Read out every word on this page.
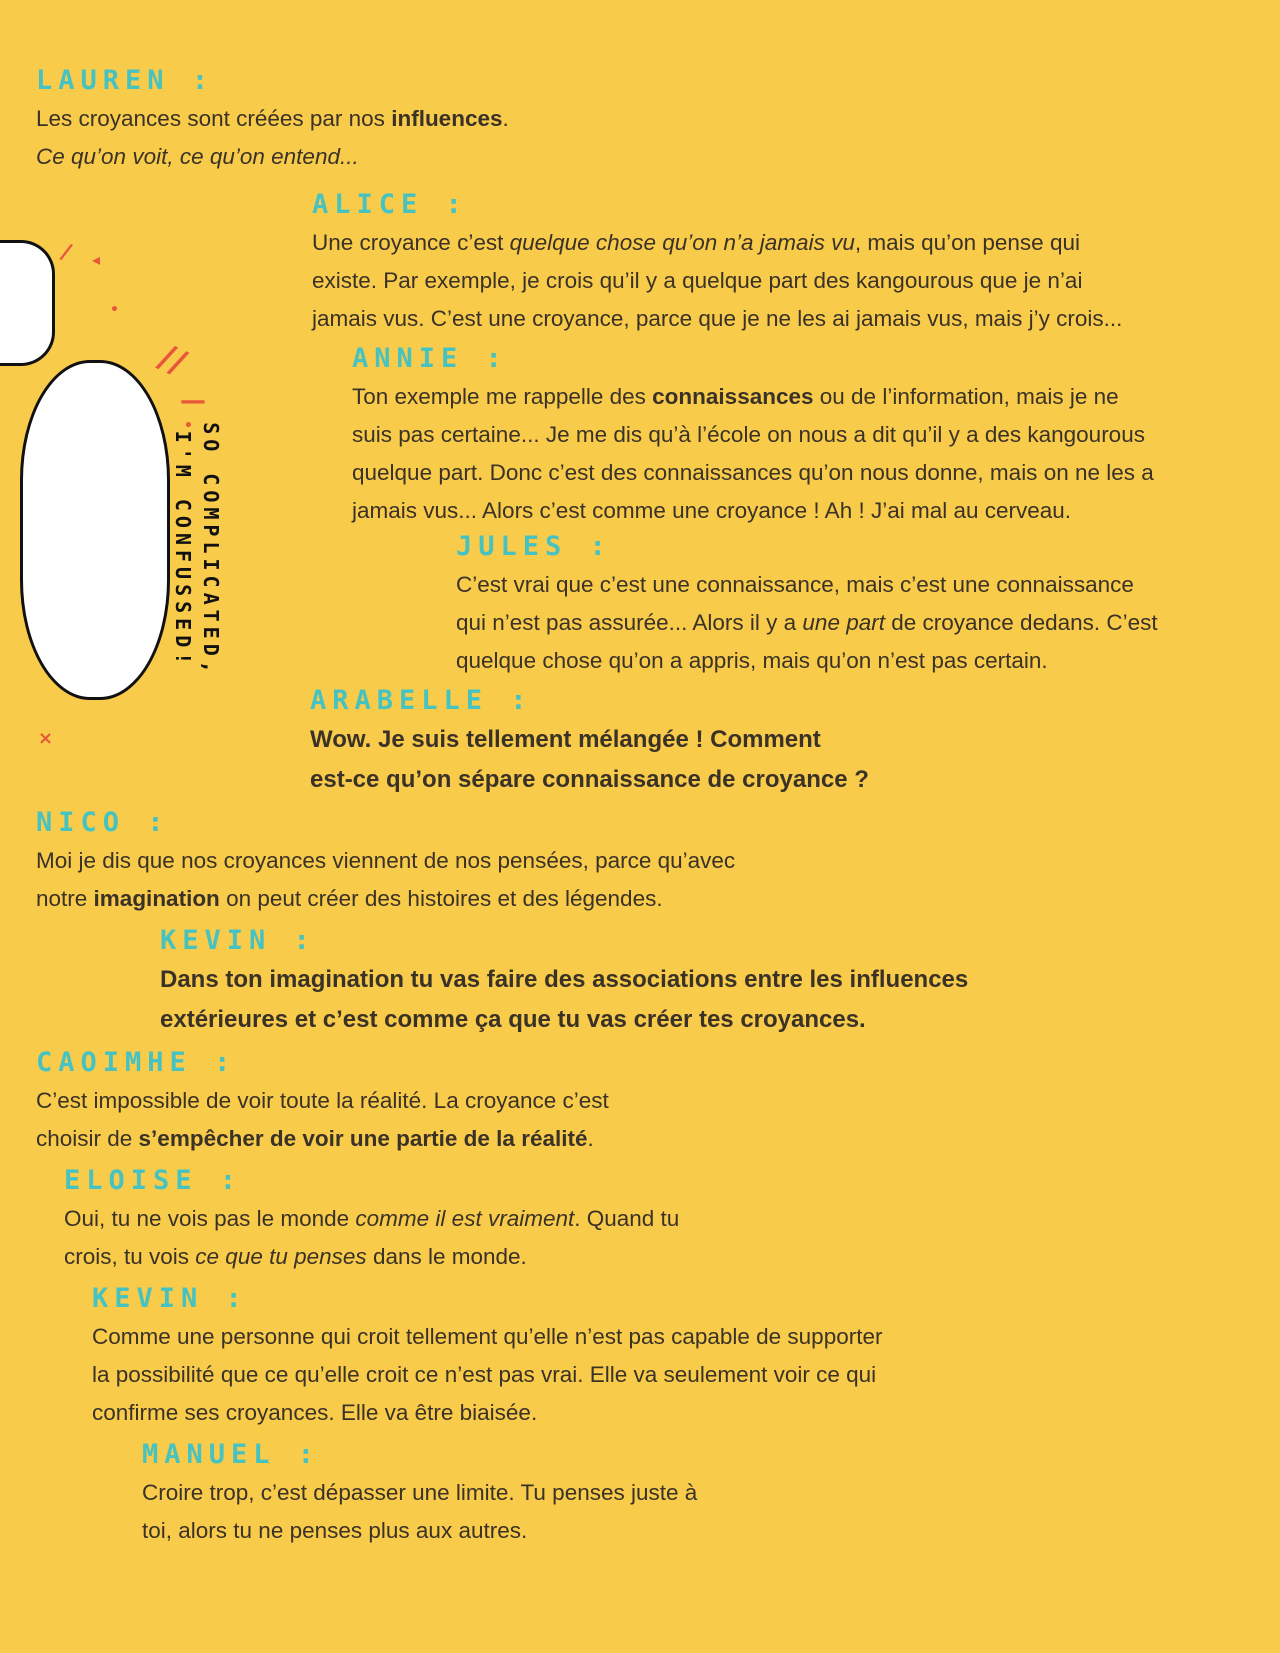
SO COMPLICATED,
I'M CONFUSSED!
/ ◂
//
—
•
•
×
LAUREN :
Les croyances sont créées par nos influences.
Ce qu’on voit, ce qu’on entend...
ALICE :
Une croyance c’est quelque chose qu’on n’a jamais vu, mais qu’on pense qui
existe. Par exemple, je crois qu’il y a quelque part des kangourous que je n’ai
jamais vus. C’est une croyance, parce que je ne les ai jamais vus, mais j’y crois...
ANNIE :
Ton exemple me rappelle des connaissances ou de l’information, mais je ne
suis pas certaine... Je me dis qu’à l’école on nous a dit qu’il y a des kangourous
quelque part. Donc c’est des connaissances qu’on nous donne, mais on ne les a
jamais vus... Alors c’est comme une croyance ! Ah ! J’ai mal au cerveau.
JULES :
C’est vrai que c’est une connaissance, mais c’est une connaissance
qui n’est pas assurée... Alors il y a une part de croyance dedans. C’est
quelque chose qu’on a appris, mais qu’on n’est pas certain.
ARABELLE :
Wow. Je suis tellement mélangée ! Comment
est-ce qu’on sépare connaissance de croyance ?
NICO :
Moi je dis que nos croyances viennent de nos pensées, parce qu’avec
notre imagination on peut créer des histoires et des légendes.
KEVIN :
Dans ton imagination tu vas faire des associations entre les influences
extérieures et c’est comme ça que tu vas créer tes croyances.
CAOIMHE :
C’est impossible de voir toute la réalité. La croyance c’est
choisir de s’empêcher de voir une partie de la réalité.
ELOISE :
Oui, tu ne vois pas le monde comme il est vraiment. Quand tu
crois, tu vois ce que tu penses dans le monde.
KEVIN :
Comme une personne qui croit tellement qu’elle n’est pas capable de supporter
la possibilité que ce qu’elle croit ce n’est pas vrai. Elle va seulement voir ce qui
confirme ses croyances. Elle va être biaisée.
MANUEL :
Croire trop, c’est dépasser une limite. Tu penses juste à
toi, alors tu ne penses plus aux autres.
